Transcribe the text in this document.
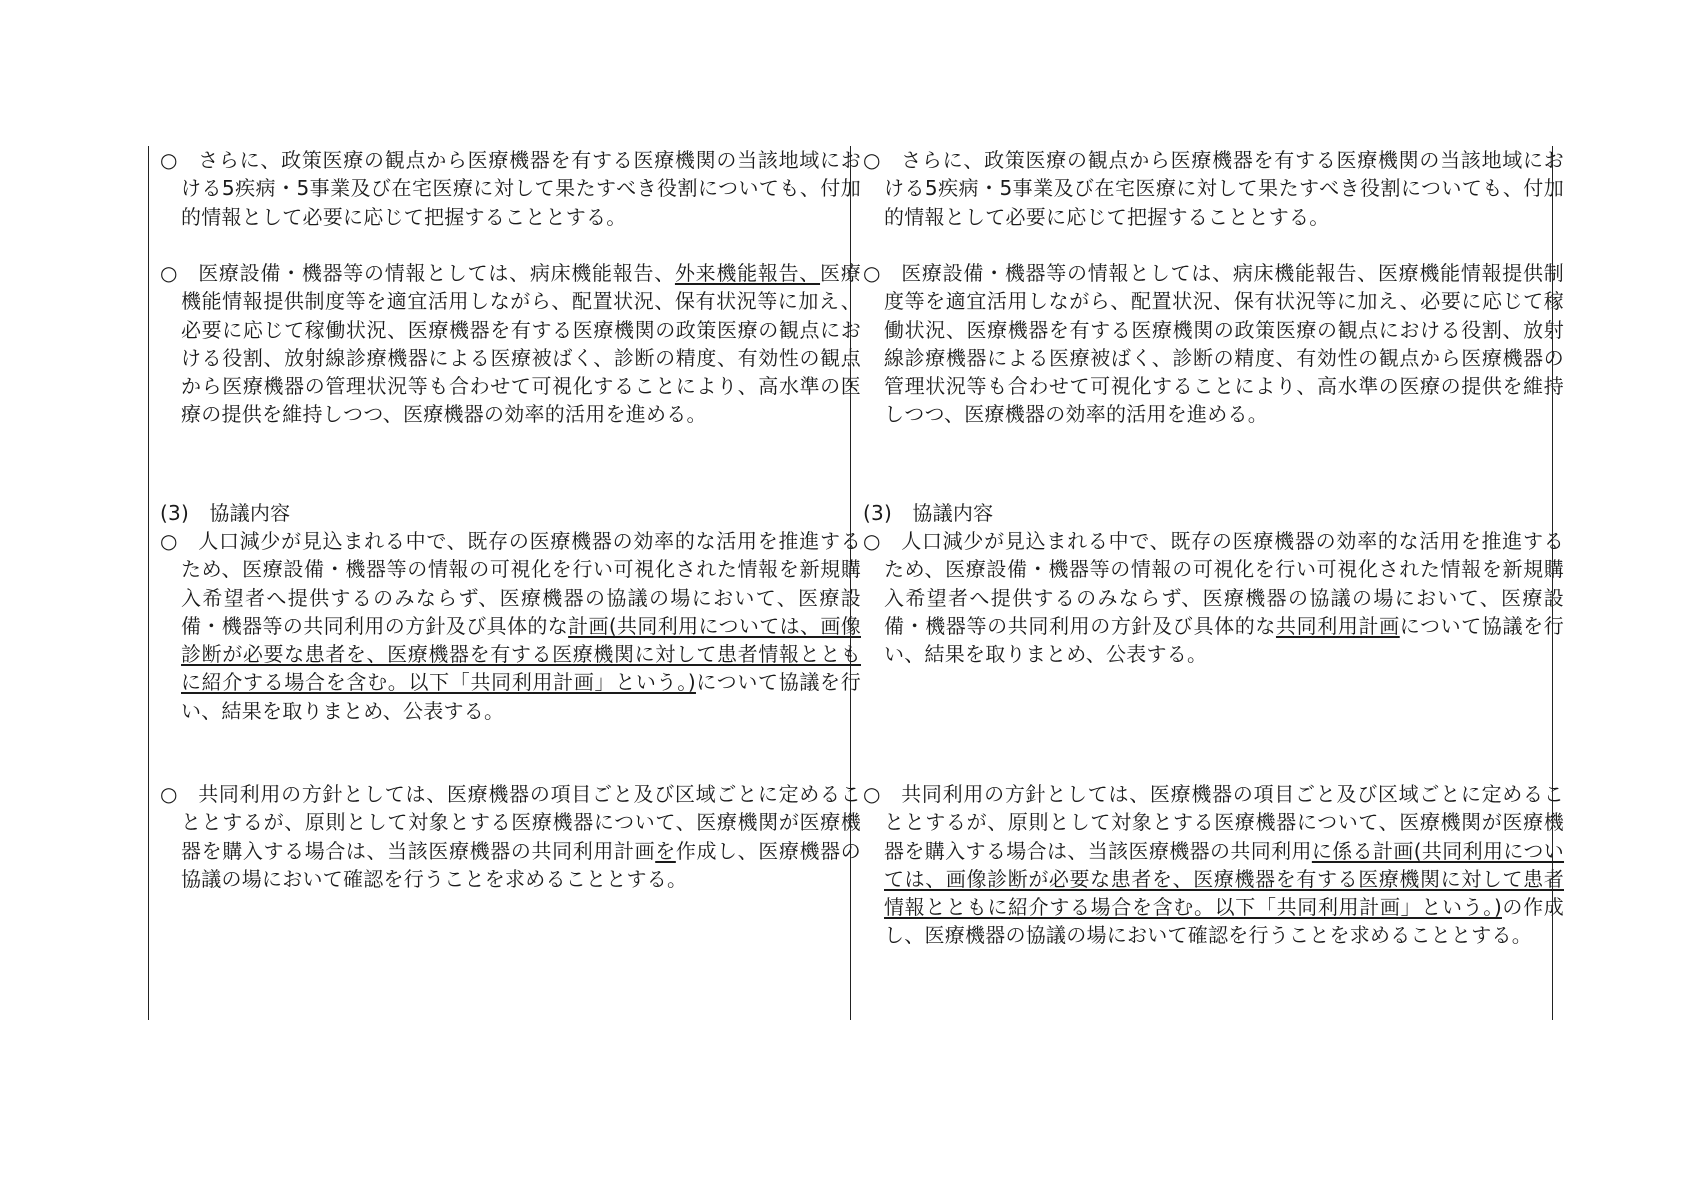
○ さらに、政策医療の観点から医療機器を有する医療機関の当該地域における5疾病・5事業及び在宅医療に対して果たすべき役割についても、付加的情報として必要に応じて把握することとする。

○ 医療設備・機器等の情報としては、病床機能報告、外来機能報告、医療機能情報提供制度等を適宜活用しながら、配置状況、保有状況等に加え、必要に応じて稼働状況、医療機器を有する医療機関の政策医療の観点における役割、放射線診療機器による医療被ばく、診断の精度、有効性の観点から医療機器の管理状況等も合わせて可視化することにより、高水準の医療の提供を維持しつつ、医療機器の効率的活用を進める。

(3)　協議内容

○ 人口減少が見込まれる中で、既存の医療機器の効率的な活用を推進するため、医療設備・機器等の情報の可視化を行い可視化された情報を新規購入希望者へ提供するのみならず、医療機器の協議の場において、医療設備・機器等の共同利用の方針及び具体的な計画(共同利用については、画像診断が必要な患者を、医療機器を有する医療機関に対して患者情報とともに紹介する場合を含む。以下「共同利用計画」という。)について協議を行い、結果を取りまとめ、公表する。

○ 共同利用の方針としては、医療機器の項目ごと及び区域ごとに定めることとするが、原則として対象とする医療機器について、医療機関が医療機器を購入する場合は、当該医療機器の共同利用計画を作成し、医療機器の協議の場において確認を行うことを求めることとする。

○ さらに、政策医療の観点から医療機器を有する医療機関の当該地域における5疾病・5事業及び在宅医療に対して果たすべき役割についても、付加的情報として必要に応じて把握することとする。

○ 医療設備・機器等の情報としては、病床機能報告、医療機能情報提供制度等を適宜活用しながら、配置状況、保有状況等に加え、必要に応じて稼働状況、医療機器を有する医療機関の政策医療の観点における役割、放射線診療機器による医療被ばく、診断の精度、有効性の観点から医療機器の管理状況等も合わせて可視化することにより、高水準の医療の提供を維持しつつ、医療機器の効率的活用を進める。

(3)　協議内容

○ 人口減少が見込まれる中で、既存の医療機器の効率的な活用を推進するため、医療設備・機器等の情報の可視化を行い可視化された情報を新規購入希望者へ提供するのみならず、医療機器の協議の場において、医療設備・機器等の共同利用の方針及び具体的な共同利用計画について協議を行い、結果を取りまとめ、公表する。

○ 共同利用の方針としては、医療機器の項目ごと及び区域ごとに定めることとするが、原則として対象とする医療機器について、医療機関が医療機器を購入する場合は、当該医療機器の共同利用に係る計画(共同利用については、画像診断が必要な患者を、医療機器を有する医療機関に対して患者情報とともに紹介する場合を含む。以下「共同利用計画」という。)の作成し、医療機器の協議の場において確認を行うことを求めることとする。
